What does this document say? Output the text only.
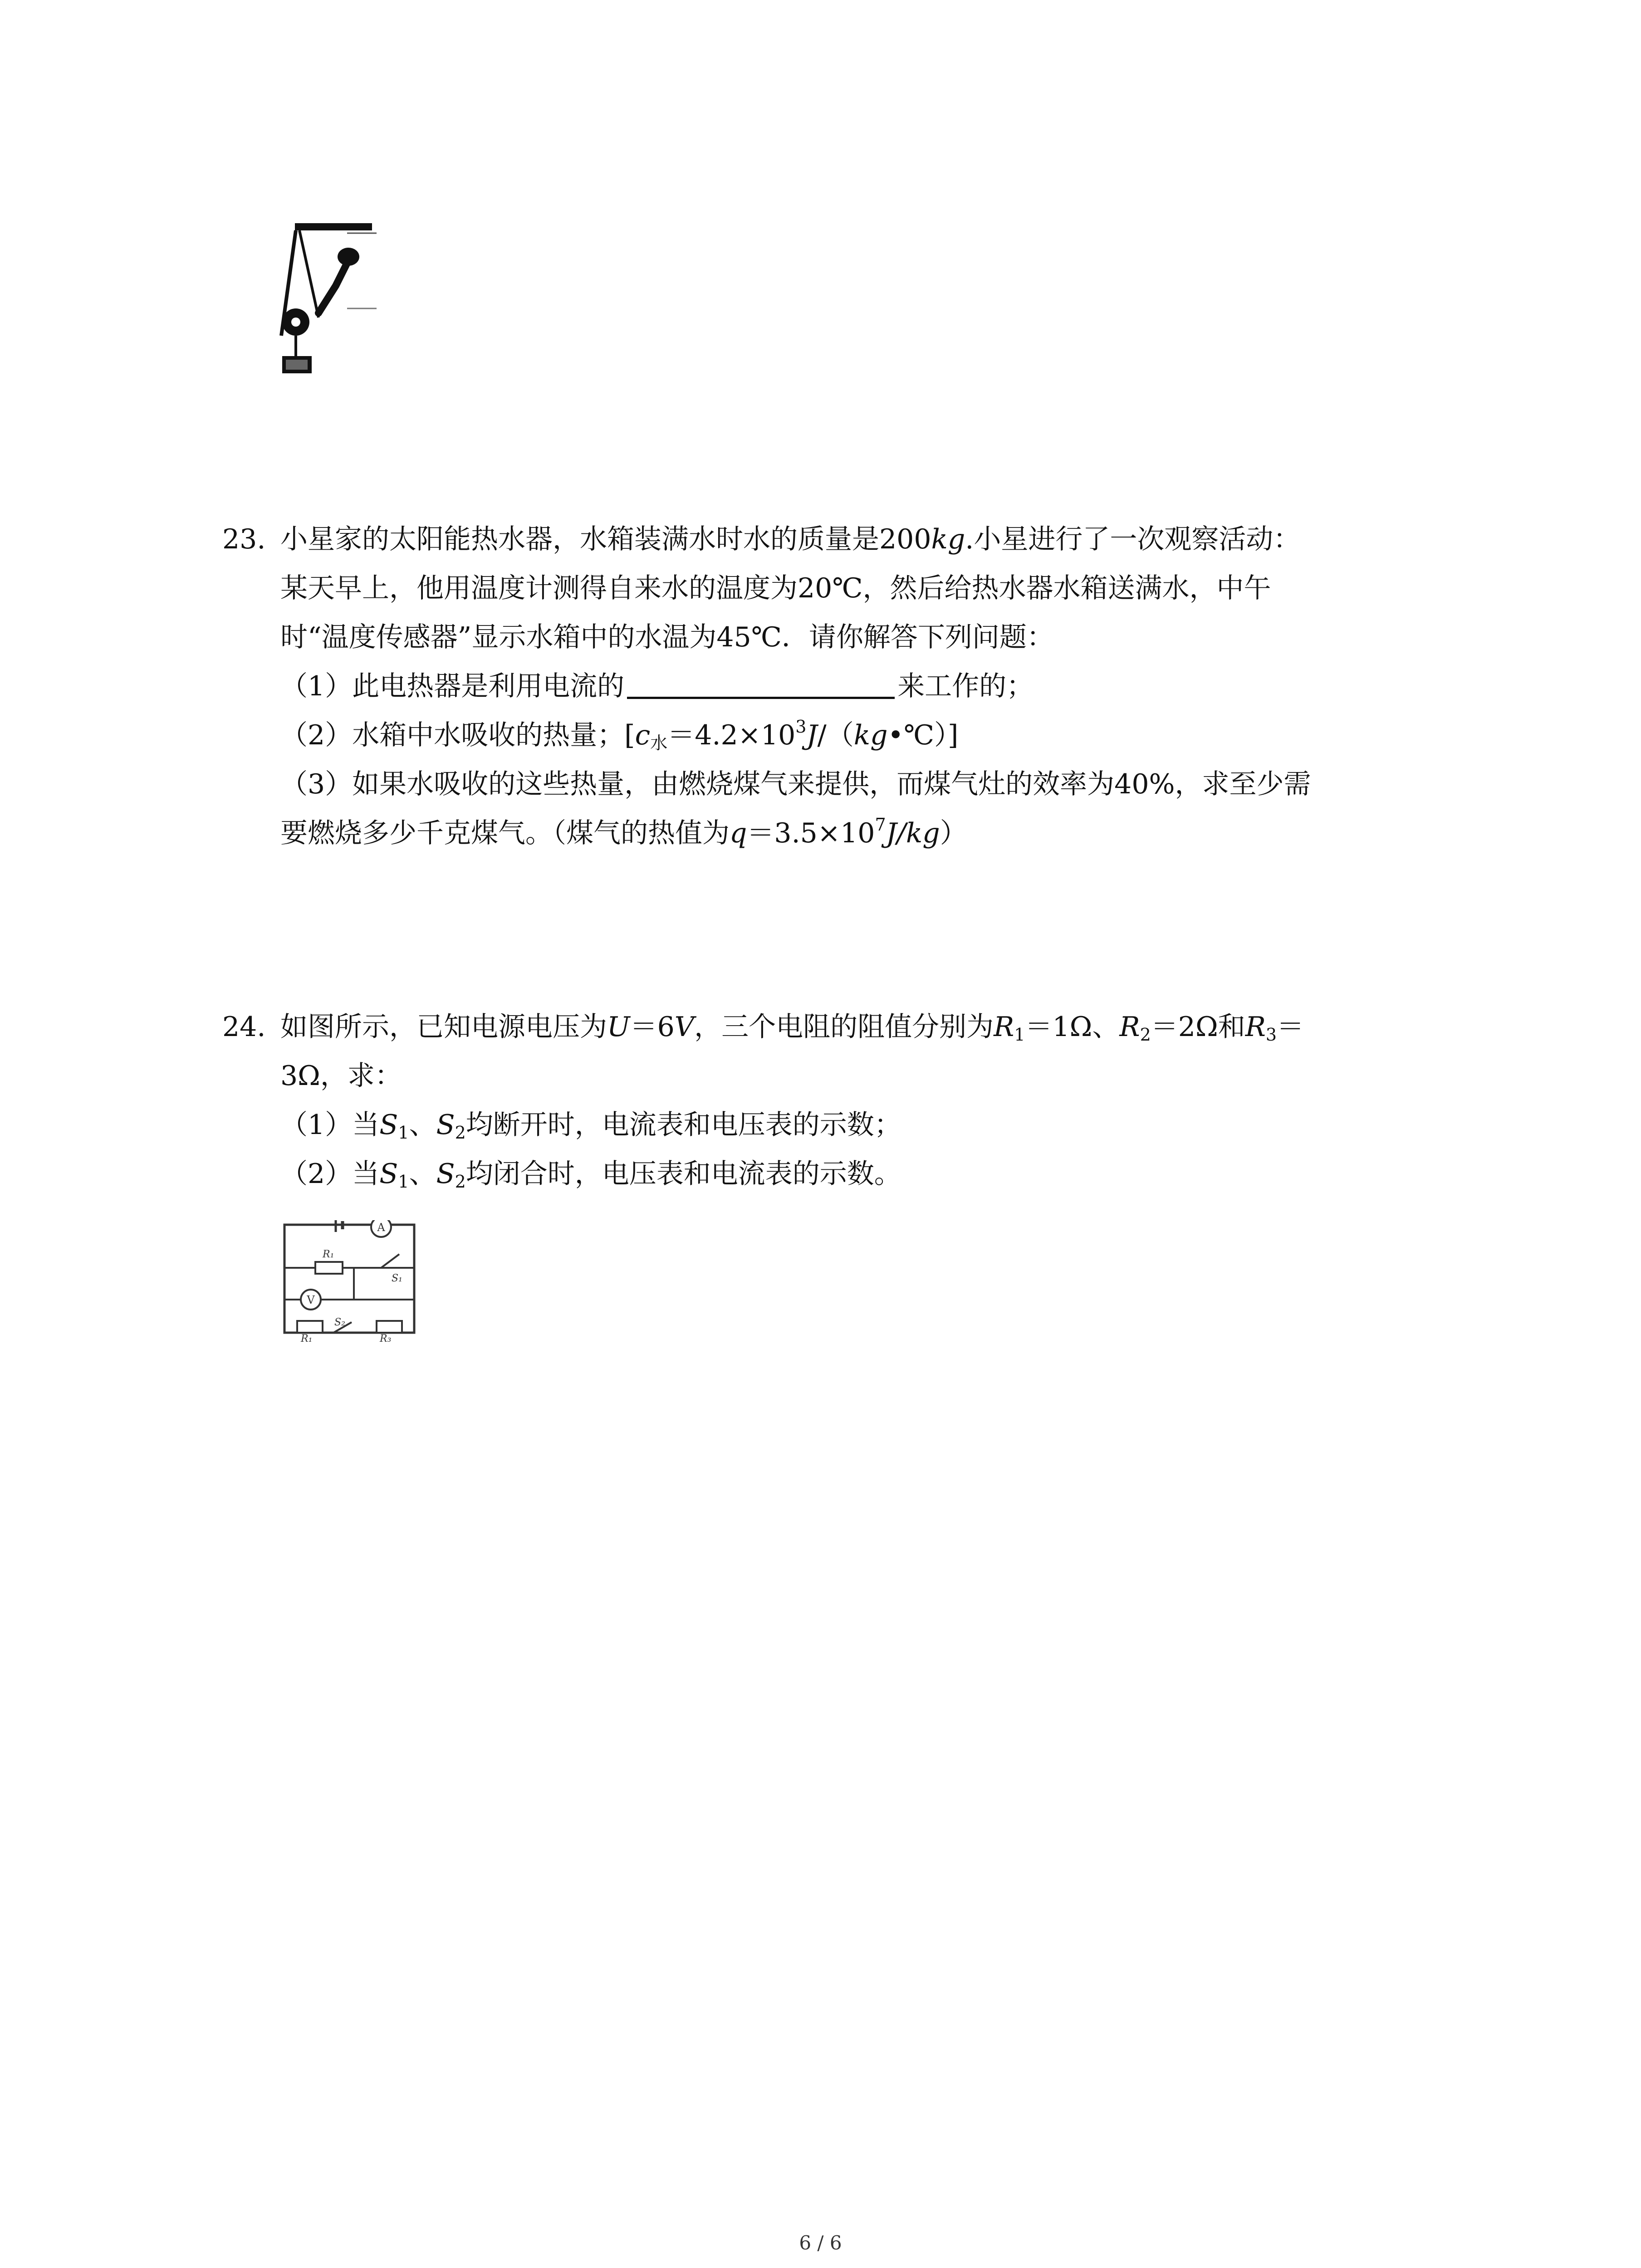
23. 小星家的太阳能热水器，水箱装满水时水的质量是200kg.小星进行了一次观察活动：
某天早上，他用温度计测得自来水的温度为20℃，然后给热水器水箱送满水，中午
时“温度传感器”显示水箱中的水温为45℃．请你解答下列问题：
（1）此电热器是利用电流的	来工作的；
（2）水箱中水吸收的热量；$[c_水=4.2\times 10^3J/(kg•℃)]$
（3）如果水吸收的这些热量，由燃烧煤气来提供，而煤气灶的效率为40%，求至少需
要燃烧多少千克煤气。（煤气的热值为$q=3.5\times 10^7J/kg$）
24. 如图所示，已知电源电压为U＝6V，三个电阻的阻值分别为$R_1=1\Omega$、$R_2=2\Omega$和$R_3=$
3Ω，求：
（1）当$S_1$、$S_2$均断开时，电流表和电压表的示数；
（2）当$S_1$、$S_2$均闭合时，电压表和电流表的示数。
A
R₁
S₁
V
R₁
S₂
R₃
6 / 6
